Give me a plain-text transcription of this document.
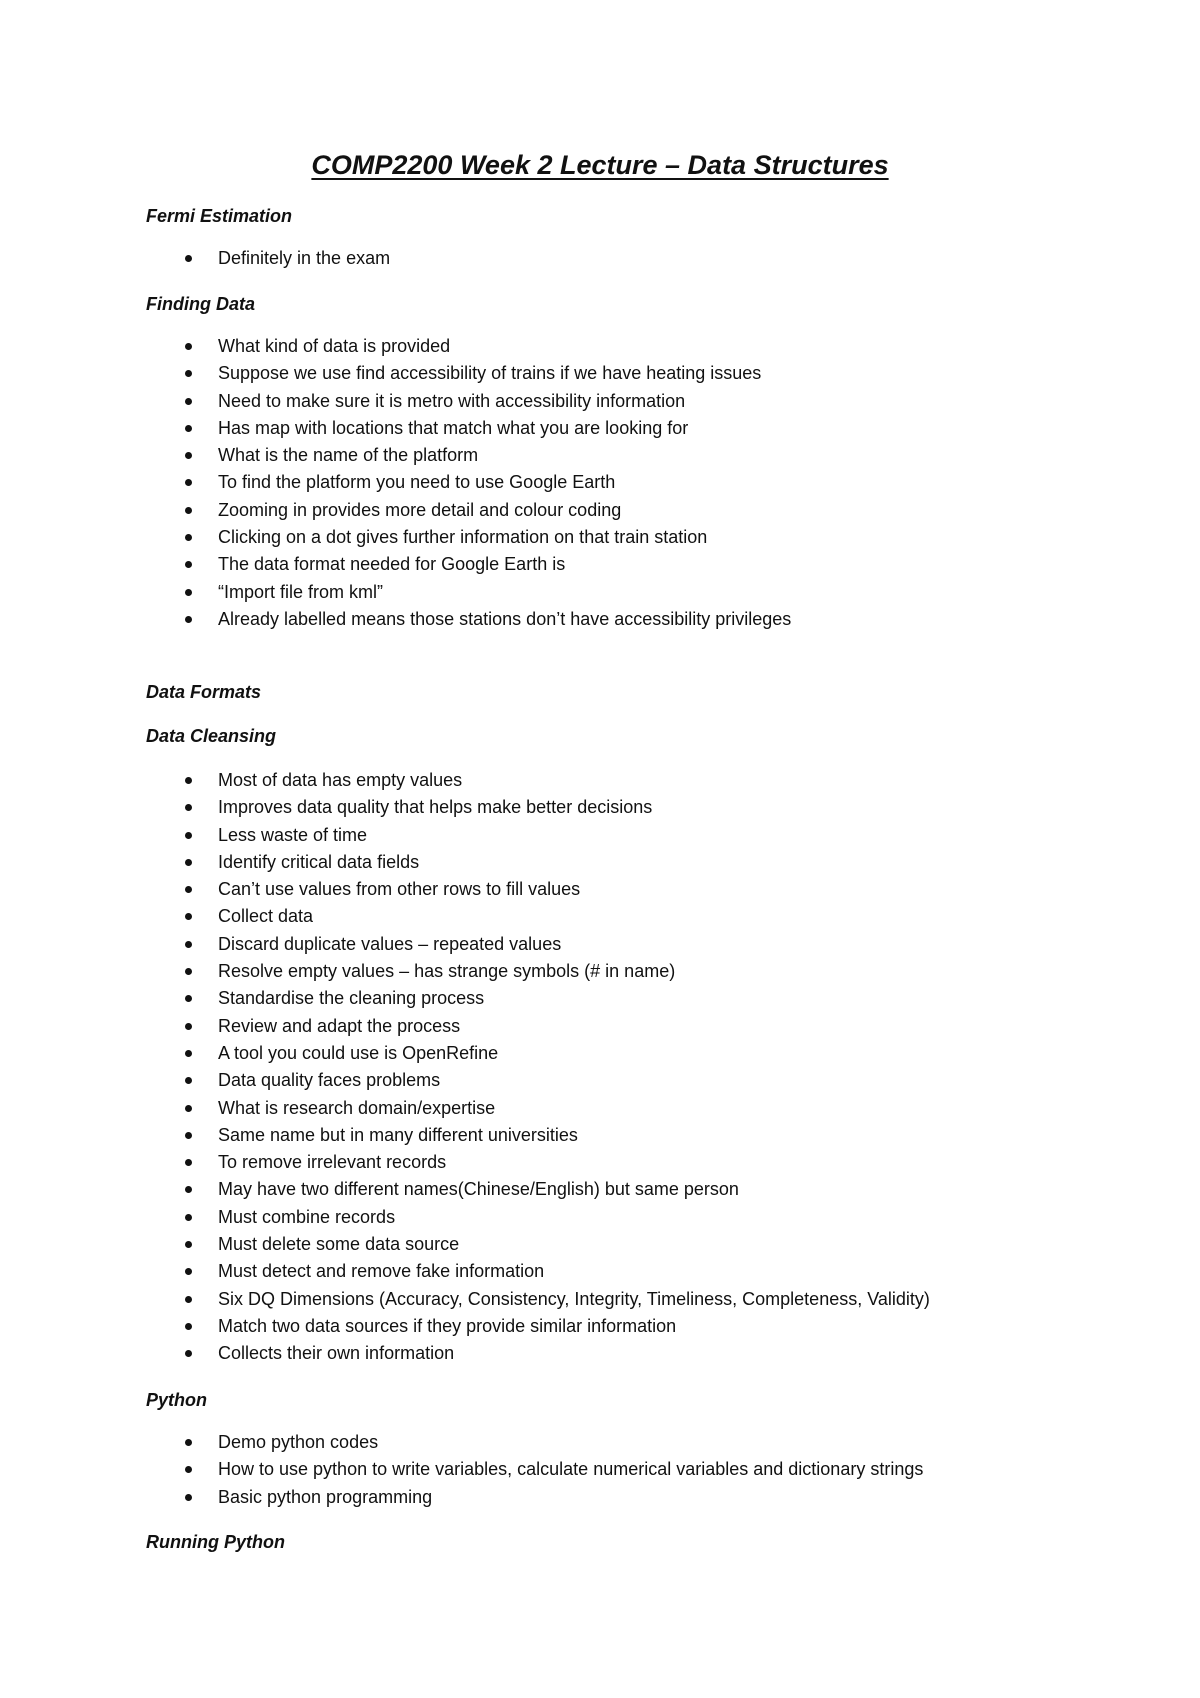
COMP2200 Week 2 Lecture – Data Structures
Fermi Estimation
Definitely in the exam
Finding Data
What kind of data is provided
Suppose we use find accessibility of trains if we have heating issues
Need to make sure it is metro with accessibility information
Has map with locations that match what you are looking for
What is the name of the platform
To find the platform you need to use Google Earth
Zooming in provides more detail and colour coding
Clicking on a dot gives further information on that train station
The data format needed for Google Earth is
“Import file from kml”
Already labelled means those stations don’t have accessibility privileges
Data Formats
Data Cleansing
Most of data has empty values
Improves data quality that helps make better decisions
Less waste of time
Identify critical data fields
Can’t use values from other rows to fill values
Collect data
Discard duplicate values – repeated values
Resolve empty values – has strange symbols (# in name)
Standardise the cleaning process
Review and adapt the process
A tool you could use is OpenRefine
Data quality faces problems
What is research domain/expertise
Same name but in many different universities
To remove irrelevant records
May have two different names(Chinese/English) but same person
Must combine records
Must delete some data source
Must detect and remove fake information
Six DQ Dimensions (Accuracy, Consistency, Integrity, Timeliness, Completeness, Validity)
Match two data sources if they provide similar information
Collects their own information
Python
Demo python codes
How to use python to write variables, calculate numerical variables and dictionary strings
Basic python programming
Running Python
